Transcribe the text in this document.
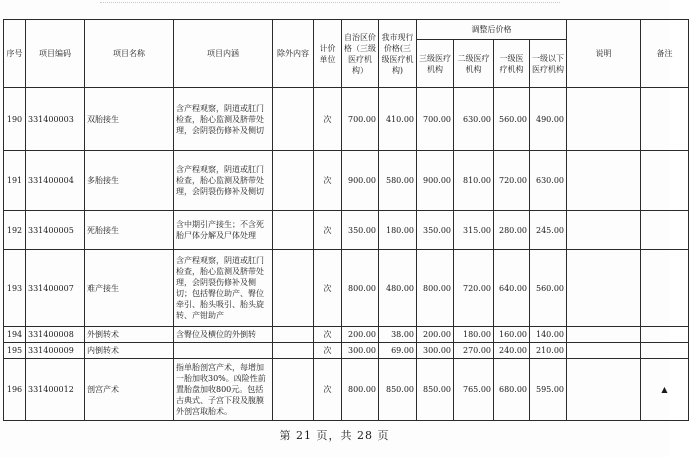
序号	项目编码	项目名称	项目内涵	除外内容	计价单位	自治区价格（三级医疗机构）	我市现行价格(三级医疗机构)	调整后价格				说明	备注
								三级医疗机构	二级医疗机构	一级医疗机构	一级以下医疗机构		
190	331400003	双胎接生	含产程观察，阴道或肛门检查，胎心监测及脐带处理，会阴裂伤修补及侧切		次	700.00	410.00	700.00	630.00	560.00	490.00		
191	331400004	多胎接生	含产程观察，阴道或肛门检查，胎心监测及脐带处理，会阴裂伤修补及侧切		次	900.00	580.00	900.00	810.00	720.00	630.00		
192	331400005	死胎接生	含中期引产接生；不含死胎尸体分解及尸体处理		次	350.00	180.00	350.00	315.00	280.00	245.00		
193	331400007	难产接生	含产程观察，阴道或肛门检查，胎心监测及脐带处理，会阴裂伤修补及侧切；包括臀位助产、臀位牵引、胎头吸引、胎头旋转、产钳助产		次	800.00	480.00	800.00	720.00	640.00	560.00		
194	331400008	外倒转术	含臀位及横位的外倒转		次	200.00	38.00	200.00	180.00	160.00	140.00		
195	331400009	内倒转术			次	300.00	69.00	300.00	270.00	240.00	210.00		
196	331400012	剖宫产术	指单胎剖宫产术，每增加一胎加收30%。凶险性前置胎盘加收800元。包括古典式、子宫下段及腹膜外剖宫取胎术。		次	800.00	850.00	850.00	765.00	680.00	595.00		▲
第 21 页，共 28 页
